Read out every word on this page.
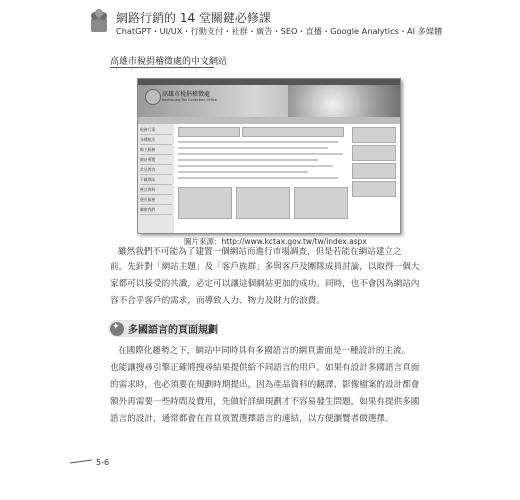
網路行銷的 14 堂關鍵必修課
ChatGPT・UI/UX・行動支付・社群・廣告・SEO・直播・Google Analytics・AI 多媒體
高雄市稅捐稽徵處的中文網站
高雄市稅捐稽徵處
Kaohsiung Tax Collection Office
稅務行事
各種稅法
線上服務
網站導覽
常見問答
下載專區
統計資料
便民服務
聯絡我們
圖片來源：http://www.kctax.gov.tw/tw/index.aspx
雖然我們不可能為了建置一個網站而進行市場調查，但是若能在網站建立之
前，先針對「網站主題」及「客戶族群」多與客戶及團隊成員討論，以取得一個大
家都可以接受的共識，必定可以讓這個網站更加的成功。同時，也不會因為網站內
容不合乎客戶的需求，而導致人力、物力及財力的浪費。
✦ 多國語言的頁面規劃
在國際化趨勢之下，網站中同時具有多國語言的網頁畫面是一種設計的主流。
也能讓搜尋引擎正確將搜尋結果提供給不同語言的用戶。如果有設計多國語言頁面
的需求時，也必須要在規劃時期提出，因為產品資料的翻譯、影像檔案的設計都會
額外再需要一些時間及費用，先做好詳細規劃才不容易發生問題。如果有提供多國
語言的設計，通常都會在首頁放置選擇語言的連結，以方便瀏覽者做選擇。
5-6
